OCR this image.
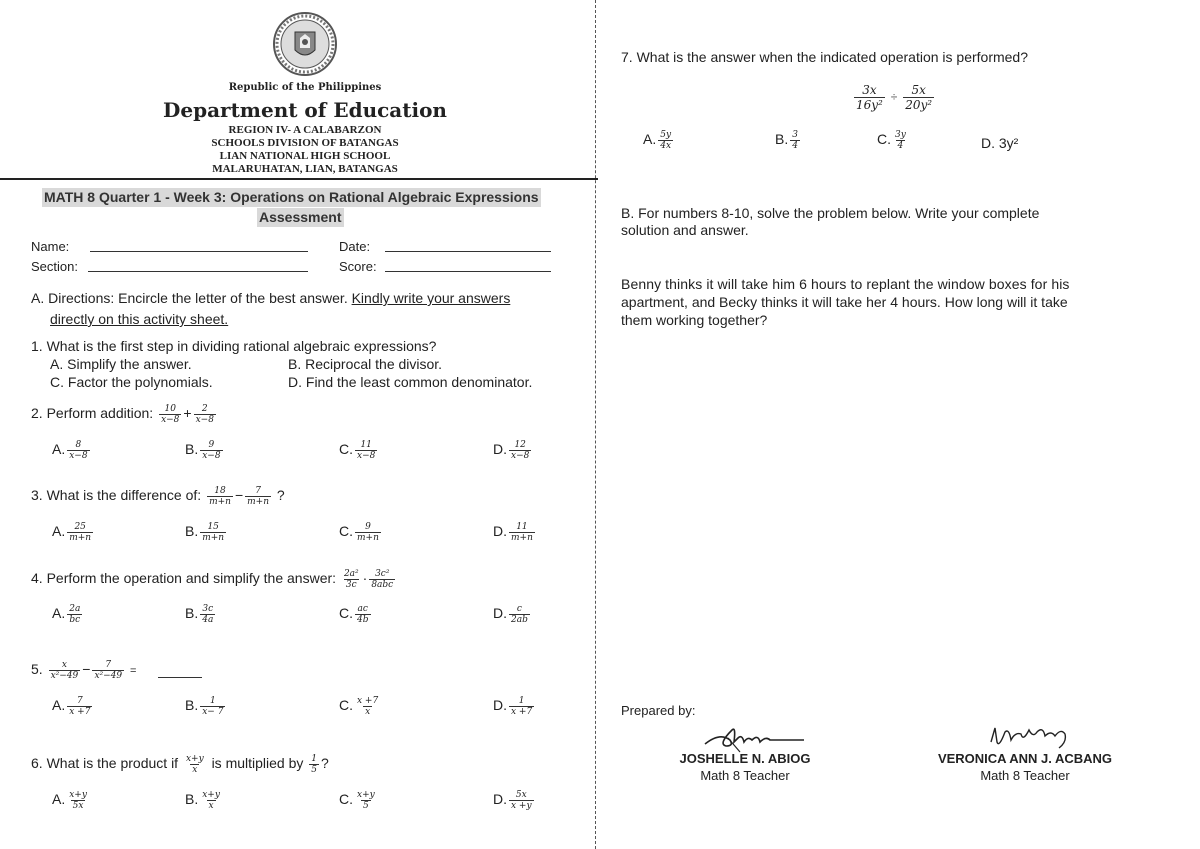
Republic of the Philippines
Department of Education
REGION IV- A CALABARZON
SCHOOLS DIVISION OF BATANGAS
LIAN NATIONAL HIGH SCHOOL
MALARUHATAN, LIAN, BATANGAS
MATH 8 Quarter 1 - Week 3: Operations on Rational Algebraic Expressions
Assessment
Name:	Date:
Section:	Score:
A. Directions: Encircle the letter of the best answer. Kindly write your answers
directly on this activity sheet.
1. What is the first step in dividing rational algebraic expressions?
A. Simplify the answer.	B. Reciprocal the divisor.
C. Factor the polynomials.	D. Find the least common denominator.
2. Perform addition: $\frac{10}{x-8} + \frac{2}{x-8}$
A. $\frac{8}{x-8}$	B. $\frac{9}{x-8}$	C. $\frac{11}{x-8}$	D. $\frac{12}{x-8}$
3. What is the difference of: $\frac{18}{m+n} - \frac{7}{m+n}$ ?
A. $\frac{25}{m+n}$	B. $\frac{15}{m+n}$	C. $\frac{9}{m+n}$	D. $\frac{11}{m+n}$
4. Perform the operation and simplify the answer: $\frac{\text{2a²}}{3c} \cdot \frac{\text{3c²}}{\text{8abc}}$
A. $\frac{2a}{bc}$	B. $\frac{3c}{4a}$	C. $\frac{ac}{4b}$	D. $\frac{c}{2ab}$
5. $\frac{x}{\text{x²−49}} - \frac{7}{\text{x²−49}}$ =
A. $\frac{7}{x +7}$	B. $\frac{1}{x- 7}$	C. $\frac{x +7}{x}$	D. $\frac{1}{x +7}$
6. What is the product if $\frac{x+y}{x}$ is multiplied by $\frac{1}{5}$ ?
A. $\frac{x+y}{5x}$	B. $\frac{x+y}{x}$	C. $\frac{x+y}{5}$	D. $\frac{5x}{x +y}$
7. What is the answer when the indicated operation is performed?
$\frac{3x}{\text{16y²}} \div \frac{5x}{\text{20y²}}$
A. $\frac{5y}{4x}$	B. $\frac{3}{4}$	C. $\frac{3y}{4}$	D. 3y²
B. For numbers 8-10, solve the problem below. Write your complete
solution and answer.
Benny thinks it will take him 6 hours to replant the window boxes for his
apartment, and Becky thinks it will take her 4 hours. How long will it take
them working together?
Prepared by:
JOSHELLE N. ABIOG
Math 8 Teacher
VERONICA ANN J. ACBANG
Math 8 Teacher
